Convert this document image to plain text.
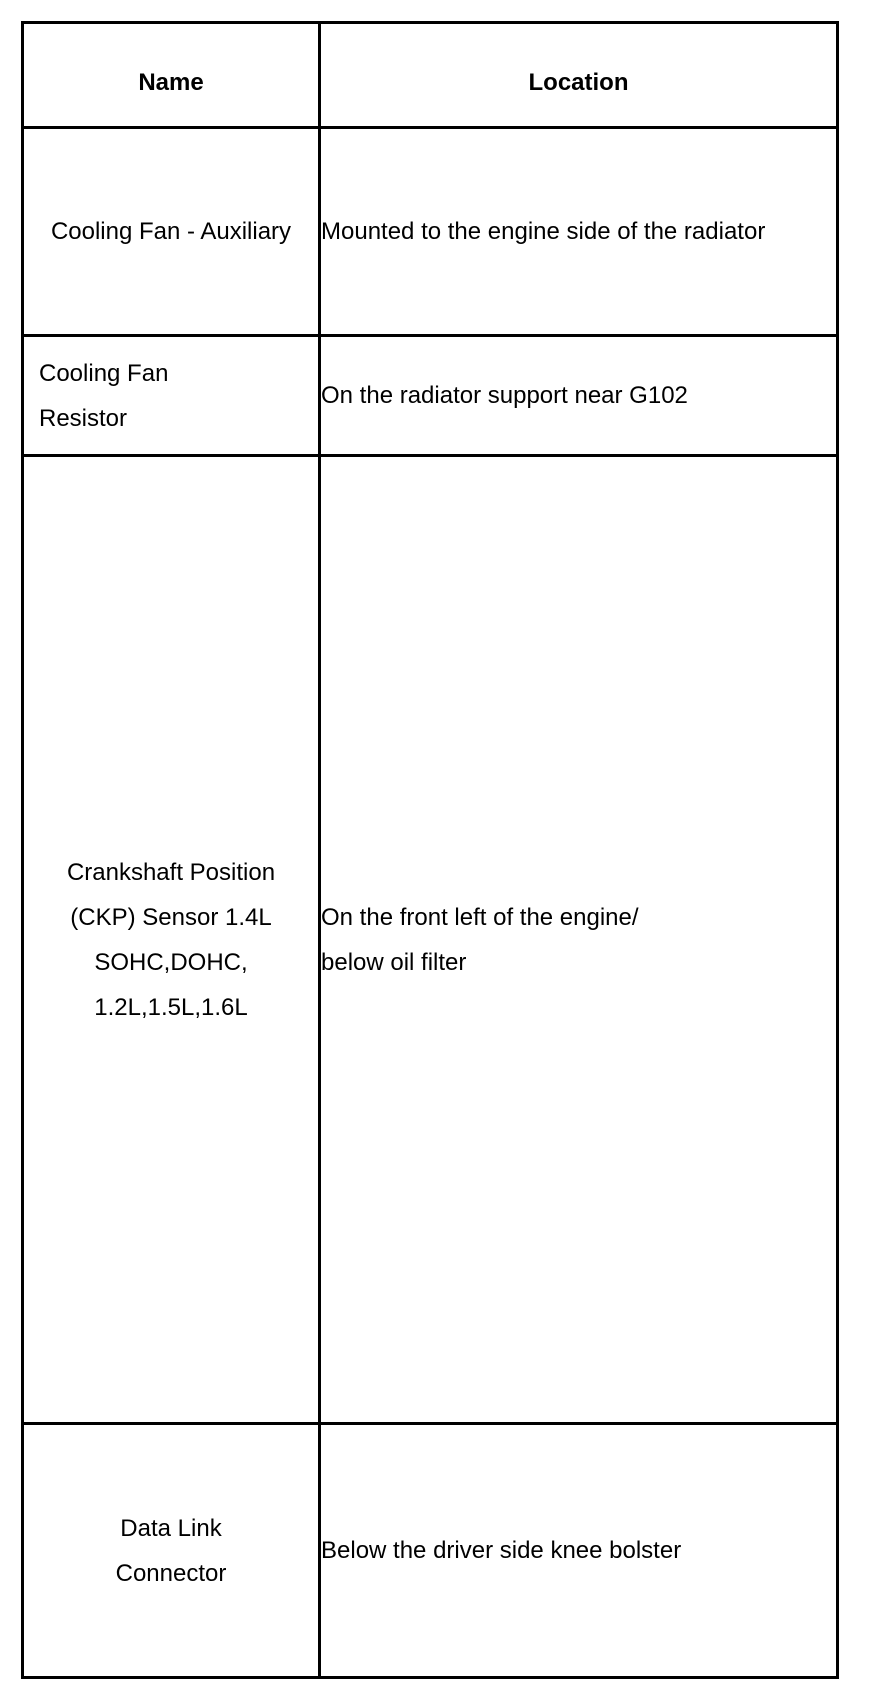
Name	Location
Cooling Fan - Auxiliary	Mounted to the engine side of the radiator

Cooling Fan Resistor	On the radiator support near G102

Crankshaft Position (CKP) Sensor 1.4L SOHC,DOHC, 1.2L,1.5L,1.6L	On the front left of the engine/ below oil filter

Data Link Connector	Below the driver side knee bolster
